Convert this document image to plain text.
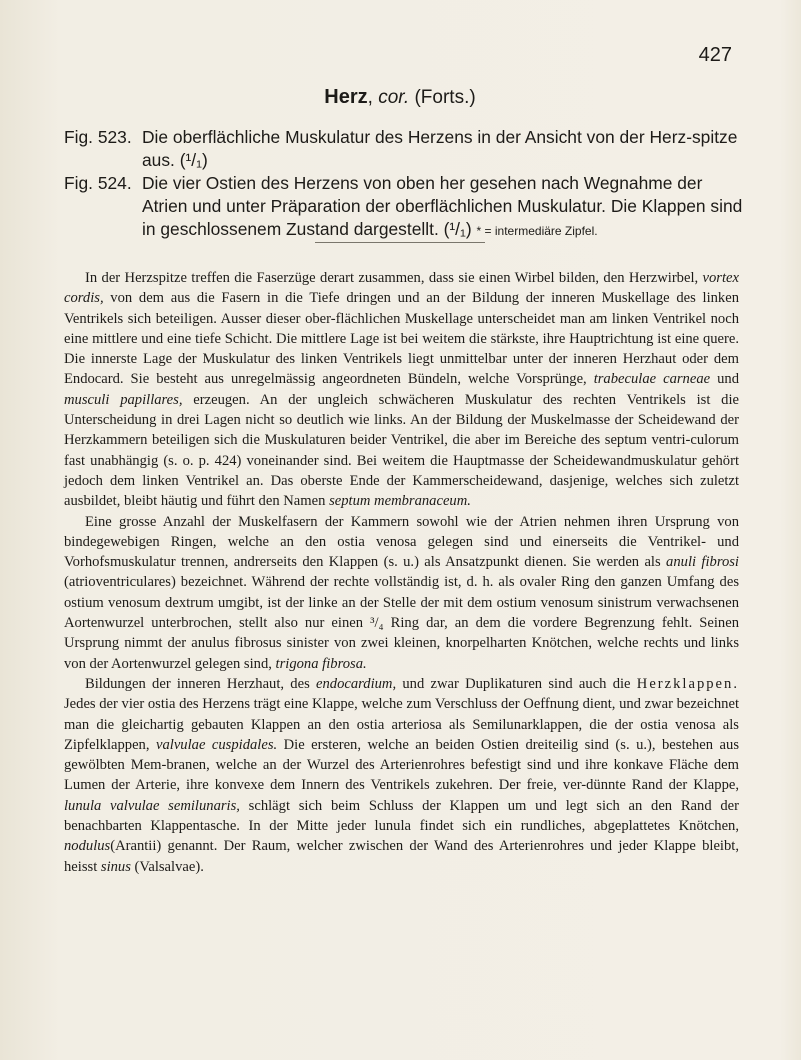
427
Herz, cor. (Forts.)
Fig. 523. Die oberflächliche Muskulatur des Herzens in der Ansicht von der Herz-spitze aus. (¹/₁)
Fig. 524. Die vier Ostien des Herzens von oben her gesehen nach Wegnahme der Atrien und unter Präparation der oberflächlichen Muskulatur. Die Klappen sind in geschlossenem Zustand dargestellt. (¹/₁) * = intermediäre Zipfel.

In der Herzspitze treffen die Faserzüge derart zusammen, dass sie einen Wirbel bilden, den Herzwirbel, vortex cordis, von dem aus die Fasern in die Tiefe dringen und an der Bildung der inneren Muskellage des linken Ventrikels sich beteiligen. Ausser dieser ober-flächlichen Muskellage unterscheidet man am linken Ventrikel noch eine mittlere und eine tiefe Schicht. Die mittlere Lage ist bei weitem die stärkste, ihre Hauptrichtung ist eine quere. Die innerste Lage der Muskulatur des linken Ventrikels liegt unmittelbar unter der inneren Herzhaut oder dem Endocard. Sie besteht aus unregelmässig angeordneten Bündeln, welche Vorsprünge, trabeculae carneae und musculi papillares, erzeugen. An der ungleich schwächeren Muskulatur des rechten Ventrikels ist die Unterscheidung in drei Lagen nicht so deutlich wie links. An der Bildung der Muskelmasse der Scheidewand der Herzkammern beteiligen sich die Muskulaturen beider Ventrikel, die aber im Bereiche des septum ventri-culorum fast unabhängig (s. o. p. 424) voneinander sind. Bei weitem die Hauptmasse der Scheidewandmuskulatur gehört jedoch dem linken Ventrikel an. Das oberste Ende der Kammerscheidewand, dasjenige, welches sich zuletzt ausbildet, bleibt häutig und führt den Namen septum membranaceum.

Eine grosse Anzahl der Muskelfasern der Kammern sowohl wie der Atrien nehmen ihren Ursprung von bindegewebigen Ringen, welche an den ostia venosa gelegen sind und einerseits die Ventrikel- und Vorhofsmuskulatur trennen, andrerseits den Klappen (s. u.) als Ansatzpunkt dienen. Sie werden als anuli fibrosi (atrioventriculares) bezeichnet. Während der rechte vollständig ist, d. h. als ovaler Ring den ganzen Umfang des ostium venosum dextrum umgibt, ist der linke an der Stelle der mit dem ostium venosum sinistrum verwachsenen Aortenwurzel unterbrochen, stellt also nur einen ³/₄ Ring dar, an dem die vordere Begrenzung fehlt. Seinen Ursprung nimmt der anulus fibrosus sinister von zwei kleinen, knorpelharten Knötchen, welche rechts und links von der Aortenwurzel gelegen sind, trigona fibrosa.

Bildungen der inneren Herzhaut, des endocardium, und zwar Duplikaturen sind auch die Herzklappen. Jedes der vier ostia des Herzens trägt eine Klappe, welche zum Verschluss der Oeffnung dient, und zwar bezeichnet man die gleichartig gebauten Klappen an den ostia arteriosa als Semilunarklappen, die der ostia venosa als Zipfelklappen, valvulae cuspidales. Die ersteren, welche an beiden Ostien dreiteilig sind (s. u.), bestehen aus gewölbten Mem-branen, welche an der Wurzel des Arterienrohres befestigt sind und ihre konkave Fläche dem Lumen der Arterie, ihre konvexe dem Innern des Ventrikels zukehren. Der freie, ver-dünnte Rand der Klappe, lunula valvulae semilunaris, schlägt sich beim Schluss der Klappen um und legt sich an den Rand der benachbarten Klappentasche. In der Mitte jeder lunula findet sich ein rundliches, abgeplattetes Knötchen, nodulus(Arantii) genannt. Der Raum, welcher zwischen der Wand des Arterienrohres und jeder Klappe bleibt, heisst sinus (Valsalvae).
